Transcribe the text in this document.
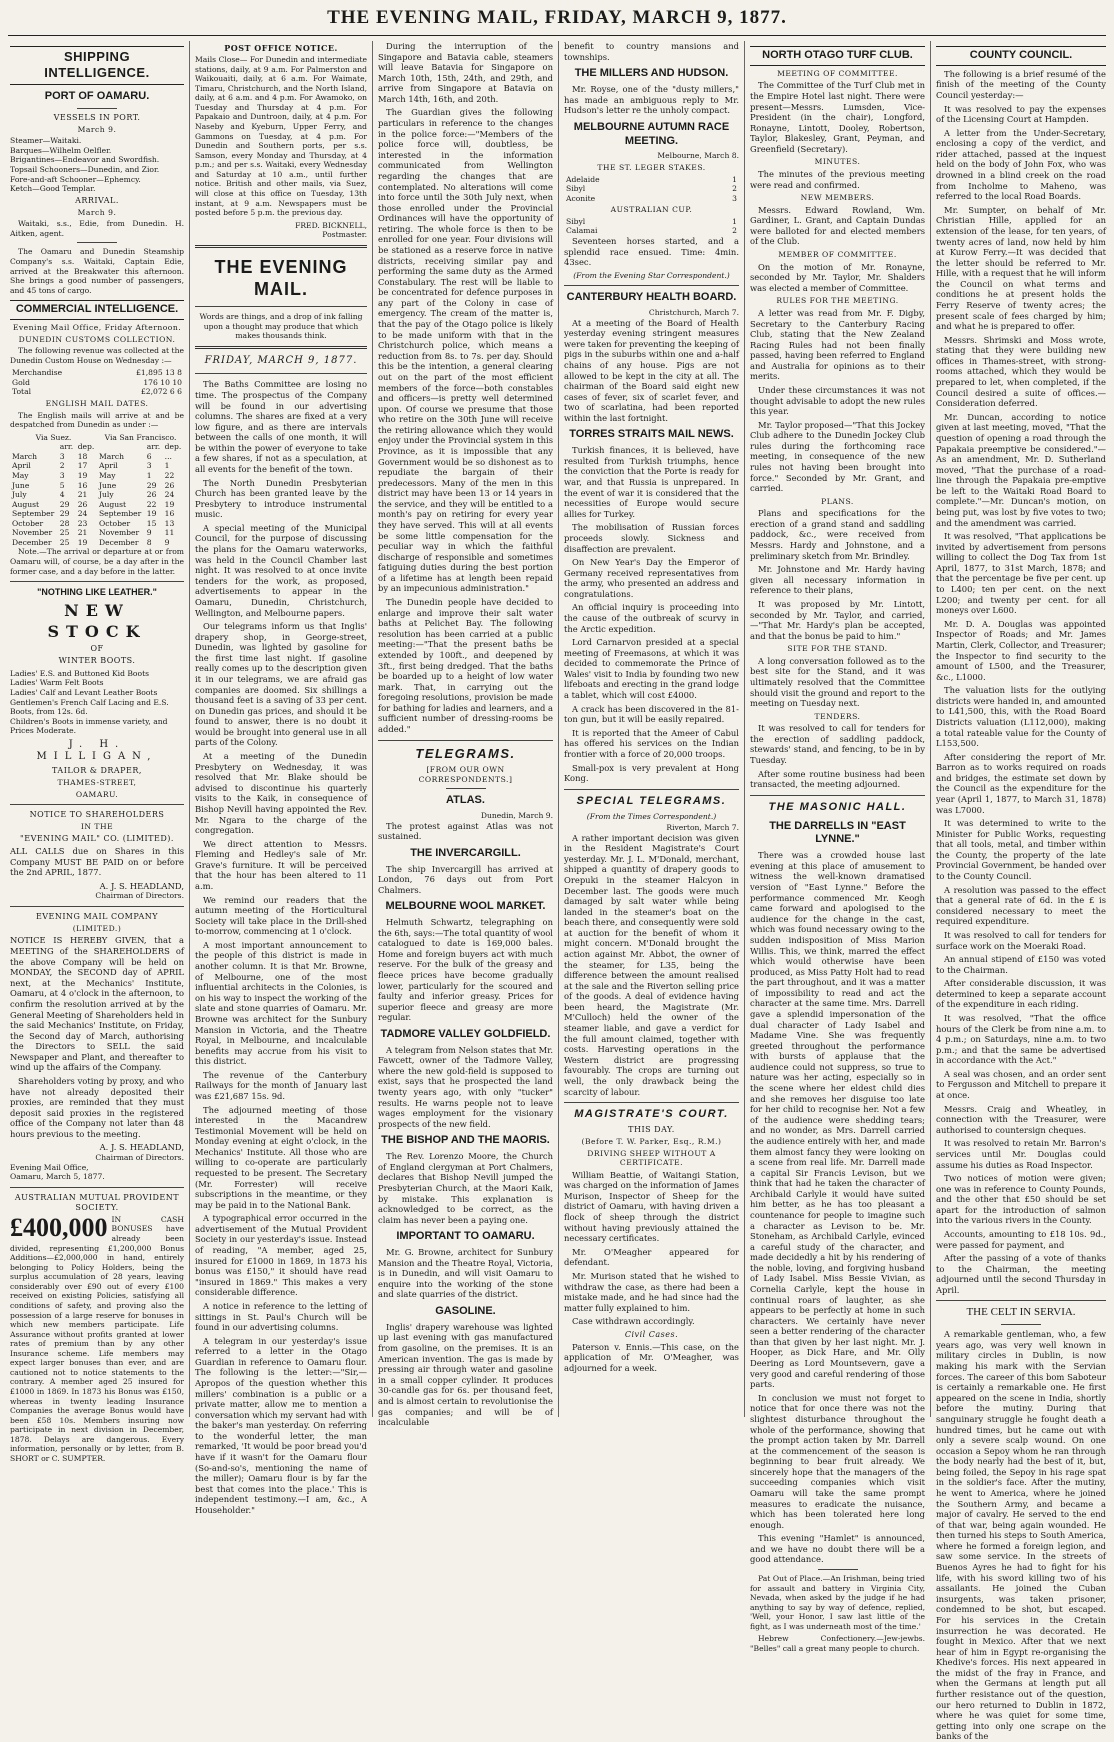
THE EVENING MAIL, FRIDAY, MARCH 9, 1877.
SHIPPING INTELLIGENCE.
PORT OF OAMARU.
VESSELS IN PORT.
March 9.
Steamer—Waitaki.
Barques—Wilhelm Oelfler.
Brigantines—Endeavor and Swordfish.
Topsail Schooners—Dunedin, and Zior.
Fore-and-aft Schooner—Ephemcy.
Ketch—Good Templar.
ARRIVAL.
March 9.

Waitaki, s.s., Edie, from Dunedin. H. Aitken, agent.

The Oamaru and Dunedin Steamship Company's s.s. Waitaki, Captain Edie, arrived at the Breakwater this afternoon. She brings a good number of passengers, and 45 tons of cargo.

COMMERCIAL INTELLIGENCE.
Evening Mail Office, Friday Afternoon.
DUNEDIN CUSTOMS COLLECTION.

The following revenue was collected at the Dunedin Custom House on Wednesday :—

Merchandise	£1,895 13 8
Gold	176 10 10
Total	£2,072 6 6
ENGLISH MAIL DATES.

The English mails will arrive at and be despatched from Dunedin as under :—

Via Suez.			Via San Francisco.		
	arr.	dep.		arr.	dep.
March	3	18	March	6	...
April	2	17	April	3	1
May	3	19	May	1	22
June	5	16	June	29	26
July	4	21	July	26	24
August	29	26	August	22	19
September	29	24	September	19	16
October	28	23	October	15	13
November	25	21	November	9	11
December	25	19	December	8	9

Note.—The arrival or departure at or from Oamaru will, of course, be a day after in the former case, and a day before in the latter.

"NOTHING LIKE LEATHER."
NEW STOCK
OF
WINTER BOOTS.
Ladies' E.S. and Buttoned Kid Boots
Ladies' Warm Felt Boots
Ladies' Calf and Levant Leather Boots
Gentlemen's French Calf Lacing and E.S. Boots, from 12s. 6d.
Children's Boots in immense variety, and Prices Moderate.
J. H. MILLIGAN,
TAILOR & DRAPER,
THAMES-STREET,
OAMARU.
NOTICE TO SHAREHOLDERS
IN THE
"EVENING MAIL" CO. (LIMITED).

ALL CALLS due on Shares in this Company MUST BE PAID on or before the 2nd APRIL, 1877.

A. J. S. HEADLAND,
Chairman of Directors.
EVENING MAIL COMPANY
(LIMITED.)

NOTICE IS HEREBY GIVEN, that a MEETING of the SHAREHOLDERS of the above Company will be held on MONDAY, the SECOND day of APRIL next, at the Mechanics' Institute, Oamaru, at 4 o'clock in the afternoon, to confirm the resolution arrived at by the General Meeting of Shareholders held in the said Mechanics' Institute, on Friday, the Second day of March, authorising the Directors to SELL the said Newspaper and Plant, and thereafter to wind up the affairs of the Company.

Shareholders voting by proxy, and who have not already deposited their proxies, are reminded that they must deposit said proxies in the registered office of the Company not later than 48 hours previous to the meeting.

A. J. S. HEADLAND,
Chairman of Directors.
Evening Mail Office,
Oamaru, March 5, 1877.
AUSTRALIAN MUTUAL PROVIDENT SOCIETY.
£400,000 IN CASH BONUSES have already been divided, representing £1,200,000 Bonus Additions—£2,000,000 in hand, entirely belonging to Policy Holders, being the surplus accumulation of 28 years, leaving considerably over £90 out of every £100 received on existing Policies, satisfying all conditions of safety, and proving also the possession of a large reserve for bonuses in which new members participate. Life Assurance without profits granted at lower rates of premium than by any other Insurance scheme. Life members may expect larger bonuses than ever, and are cautioned not to notice statements to the contrary. A member aged 25 insured for £1000 in 1869. In 1873 his Bonus was £150, whereas in twenty leading Insurance Companies the average Bonus would have been £58 10s. Members insuring now participate in next division in December, 1878. Delays are dangerous. Every information, personally or by letter, from B. SHORT or C. SUMPTER.

POST OFFICE NOTICE.

Mails Close— For Dunedin and intermediate stations, daily, at 9 a.m. For Palmerston and Waikouaiti, daily, at 6 a.m. For Waimate, Timaru, Christchurch, and the North Island, daily, at 6 a.m. and 4 p.m. For Awamoko, on Tuesday and Thursday at 4 p.m. For Papakaio and Duntroon, daily, at 4 p.m. For Naseby and Kyeburn, Upper Ferry, and Gammons on Tuesday, at 4 p.m. For Dunedin and Southern ports, per s.s. Samson, every Monday and Thursday, at 4 p.m.; and per s.s. Waitaki, every Wednesday and Saturday at 10 a.m., until further notice. British and other mails, via Suez, will close at this office on Tuesday, 13th instant, at 9 a.m. Newspapers must be posted before 5 p.m. the previous day.

FRED. BICKNELL,
Postmaster.
THE EVENING MAIL.
Words are things, and a drop of ink falling upon a thought may produce that which makes thousands think.
FRIDAY, MARCH 9, 1877.

The Baths Committee are losing no time. The prospectus of the Company will be found in our advertising columns. The shares are fixed at a very low figure, and as there are intervals between the calls of one month, it will be within the power of everyone to take a few shares, if not as a speculation, at all events for the benefit of the town.

The North Dunedin Presbyterian Church has been granted leave by the Presbytery to introduce instrumental music.

A special meeting of the Municipal Council, for the purpose of discussing the plans for the Oamaru waterworks, was held in the Council Chamber last night. It was resolved to at once invite tenders for the work, as proposed, advertisements to appear in the Oamaru, Dunedin, Christchurch, Wellington, and Melbourne papers.

Our telegrams inform us that Inglis' drapery shop, in George-street, Dunedin, was lighted by gasoline for the first time last night. If gasoline really comes up to the description given it in our telegrams, we are afraid gas companies are doomed. Six shillings a thousand feet is a saving of 33 per cent. on Dunedin gas prices, and should it be found to answer, there is no doubt it would be brought into general use in all parts of the Colony.

At a meeting of the Dunedin Presbytery on Wednesday, it was resolved that Mr. Blake should be advised to discontinue his quarterly visits to the Kaik, in consequence of Bishop Nevill having appointed the Rev. Mr. Ngara to the charge of the congregation.

We direct attention to Messrs. Fleming and Hedley's sale of Mr. Grave's furniture. It will be perceived that the hour has been altered to 11 a.m.

We remind our readers that the autumn meeting of the Horticultural Society will take place in the Drill-shed to-morrow, commencing at 1 o'clock.

A most important announcement to the people of this district is made in another column. It is that Mr. Browne, of Melbourne, one of the most influential architects in the Colonies, is on his way to inspect the working of the slate and stone quarries of Oamaru. Mr. Browne was architect for the Sunbury Mansion in Victoria, and the Theatre Royal, in Melbourne, and incalculable benefits may accrue from his visit to this district.

The revenue of the Canterbury Railways for the month of January last was £21,687 15s. 9d.

The adjourned meeting of those interested in the Macandrew Testimonial Movement will be held on Monday evening at eight o'clock, in the Mechanics' Institute. All those who are willing to co-operate are particularly requested to be present. The Secretary (Mr. Forrester) will receive subscriptions in the meantime, or they may be paid in to the National Bank.

A typographical error occurred in the advertisement of the Mutual Provident Society in our yesterday's issue. Instead of reading, "A member, aged 25, insured for £1000 in 1869, in 1873 his bonus was £150," it should have read "insured in 1869." This makes a very considerable difference.

A notice in reference to the letting of sittings in St. Paul's Church will be found in our advertising columns.

A telegram in our yesterday's issue referred to a letter in the Otago Guardian in reference to Oamaru flour. The following is the letter:—"Sir,—Apropos of the question whether this millers' combination is a public or a private matter, allow me to mention a conversation which my servant had with the baker's man yesterday. On referring to the wonderful letter, the man remarked, 'It would be poor bread you'd have if it wasn't for the Oamaru flour (So-and-so's, mentioning the name of the miller); Oamaru flour is by far the best that comes into the place.' This is independent testimony.—I am, &c., A Householder."

During the interruption of the Singapore and Batavia cable, steamers will leave Batavia for Singapore on March 10th, 15th, 24th, and 29th, and arrive from Singapore at Batavia on March 14th, 16th, and 20th.

The Guardian gives the following particulars in reference to the changes in the police force:—"Members of the police force will, doubtless, be interested in the information communicated from Wellington regarding the changes that are contemplated. No alterations will come into force until the 30th July next, when those enrolled under the Provincial Ordinances will have the opportunity of retiring. The whole force is then to be enrolled for one year. Four divisions will be stationed as a reserve force in native districts, receiving similar pay and performing the same duty as the Armed Constabulary. The rest will be liable to be concentrated for defence purposes in any part of the Colony in case of emergency. The cream of the matter is, that the pay of the Otago police is likely to be made uniform with that in the Christchurch police, which means a reduction from 8s. to 7s. per day. Should this be the intention, a general clearing out on the part of the most efficient members of the force—both constables and officers—is pretty well determined upon. Of course we presume that those who retire on the 30th June will receive the retiring allowance which they would enjoy under the Provincial system in this Province, as it is impossible that any Government would be so dishonest as to repudiate the bargain of their predecessors. Many of the men in this district may have been 13 or 14 years in the service, and they will be entitled to a month's pay on retiring for every year they have served. This will at all events be some little compensation for the peculiar way in which the faithful discharge of responsible and sometimes fatiguing duties during the best portion of a lifetime has at length been repaid by an impecunious administration."

The Dunedin people have decided to enlarge and improve their salt water baths at Pelichet Bay. The following resolution has been carried at a public meeting:—"That the present baths be extended by 100ft., and deepened by 3ft., first being dredged. That the baths be boarded up to a height of low water mark. That, in carrying out the foregoing resolutions, provision be made for bathing for ladies and learners, and a sufficient number of dressing-rooms be added."

TELEGRAMS.
[FROM OUR OWN CORRESPONDENTS.]
ATLAS.
Dunedin, March 9.

The protest against Atlas was not sustained.

THE INVERCARGILL.

The ship Invercargill has arrived at London, 76 days out from Port Chalmers.

MELBOURNE WOOL MARKET.

Helmuth Schwartz, telegraphing on the 6th, says:—The total quantity of wool catalogued to date is 169,000 bales. Home and foreign buyers act with much reserve. For the bulk of the greasy and fleece prices have become gradually lower, particularly for the scoured and faulty and inferior greasy. Prices for superior fleece and greasy are more regular.

TADMORE VALLEY GOLDFIELD.

A telegram from Nelson states that Mr. Fawcett, owner of the Tadmore Valley, where the new gold-field is supposed to exist, says that he prospected the land twenty years ago, with only "tucker" results. He warns people not to leave wages employment for the visionary prospects of the new field.

THE BISHOP AND THE MAORIS.

The Rev. Lorenzo Moore, the Church of England clergyman at Port Chalmers, declares that Bishop Nevill jumped the Presbyterian Church, at the Maori Kaik, by mistake. This explanation is acknowledged to be correct, as the claim has never been a paying one.

IMPORTANT TO OAMARU.

Mr. G. Browne, architect for Sunbury Mansion and the Theatre Royal, Victoria, is in Dunedin, and will visit Oamaru to enquire into the working of the stone and slate quarries of the district.

GASOLINE.

Inglis' drapery warehouse was lighted up last evening with gas manufactured from gasoline, on the premises. It is an American invention. The gas is made by pressing air through water and gasoline in a small copper cylinder. It produces 30-candle gas for 6s. per thousand feet, and is almost certain to revolutionise the gas companies; and will be of incalculable

benefit to country mansions and townships.

THE MILLERS AND HUDSON.

Mr. Royse, one of the "dusty millers," has made an ambiguous reply to Mr. Hudson's letter re the unholy compact.

MELBOURNE AUTUMN RACE MEETING.
Melbourne, March 8.
THE ST. LEGER STAKES.
Adelaide	1
Sibyl	2
Aconite	3
AUSTRALIAN CUP.
Sibyl	1
Calamai	2

Seventeen horses started, and a splendid race ensued. Time: 4min. 43sec.

(From the Evening Star Correspondent.)
CANTERBURY HEALTH BOARD.
Christchurch, March 7.

At a meeting of the Board of Health yesterday evening stringent measures were taken for preventing the keeping of pigs in the suburbs within one and a-half chains of any house. Pigs are not allowed to be kept in the city at all. The chairman of the Board said eight new cases of fever, six of scarlet fever, and two of scarlatina, had been reported within the last fortnight.

TORRES STRAITS MAIL NEWS.

Turkish finances, it is believed, have resulted from Turkish triumphs, hence the conviction that the Porte is ready for war, and that Russia is unprepared. In the event of war it is considered that the necessities of Europe would secure allies for Turkey.

The mobilisation of Russian forces proceeds slowly. Sickness and disaffection are prevalent.

On New Year's Day the Emperor of Germany received representatives from the army, who presented an address and congratulations.

An official inquiry is proceeding into the cause of the outbreak of scurvy in the Arctic expedition.

Lord Carnarvon presided at a special meeting of Freemasons, at which it was decided to commemorate the Prince of Wales' visit to India by founding two new lifeboats and erecting in the grand lodge a tablet, which will cost £4000.

A crack has been discovered in the 81-ton gun, but it will be easily repaired.

It is reported that the Ameer of Cabul has offered his services on the Indian frontier with a force of 20,000 troops.

Small-pox is very prevalent at Hong Kong.

SPECIAL TELEGRAMS.
(From the Times Correspondent.)
Riverton, March 7.

A rather important decision was given in the Resident Magistrate's Court yesterday. Mr. J. L. M'Donald, merchant, shipped a quantity of drapery goods to Orepuki in the steamer Halcyon in December last. The goods were much damaged by salt water while being landed in the steamer's boat on the beach there, and consequently were sold at auction for the benefit of whom it might concern. M'Donald brought the action against Mr. Abbot, the owner of the steamer, for L35, being the difference between the amount realised at the sale and the Riverton selling price of the goods. A deal of evidence having been heard, the Magistrate (Mr. M'Culloch) held the owner of the steamer liable, and gave a verdict for the full amount claimed, together with costs. Harvesting operations in the Western district are progressing favourably. The crops are turning out well, the only drawback being the scarcity of labour.

MAGISTRATE'S COURT.
THIS DAY.
(Before T. W. Parker, Esq., R.M.)
DRIVING SHEEP WITHOUT A CERTIFICATE.

William Beattie, of Waitangi Station, was charged on the information of James Murison, Inspector of Sheep for the district of Oamaru, with having driven a flock of sheep through the district without having previously attained the necessary certificates.

Mr. O'Meagher appeared for defendant.

Mr. Murison stated that he wished to withdraw the case, as there had been a mistake made, and he had since had the matter fully explained to him.

Case withdrawn accordingly.

Civil Cases.

Paterson v. Ennis.—This case, on the application of Mr. O'Meagher, was adjourned for a week.

NORTH OTAGO TURF CLUB.
MEETING OF COMMITTEE.

The Committee of the Turf Club met in the Empire Hotel last night. There were present—Messrs. Lumsden, Vice-President (in the chair), Longford, Ronayne, Lintott, Dooley, Robertson, Taylor, Blakesley, Grant, Peyman, and Greenfield (Secretary).

MINUTES.

The minutes of the previous meeting were read and confirmed.

NEW MEMBERS.

Messrs. Edward Rowland, Wm. Gardiner, L. Grant, and Captain Dundas were balloted for and elected members of the Club.

MEMBER OF COMMITTEE.

On the motion of Mr. Ronayne, seconded by Mr. Taylor, Mr. Shalders was elected a member of Committee.

RULES FOR THE MEETING.

A letter was read from Mr. F. Digby, Secretary to the Canterbury Racing Club, stating that the New Zealand Racing Rules had not been finally passed, having been referred to England and Australia for opinions as to their merits.

Under these circumstances it was not thought advisable to adopt the new rules this year.

Mr. Taylor proposed—"That this Jockey Club adhere to the Dunedin Jockey Club rules during the forthcoming race meeting, in consequence of the new rules not having been brought into force." Seconded by Mr. Grant, and carried.

PLANS.

Plans and specifications for the erection of a grand stand and saddling paddock, &c., were received from Messrs. Hardy and Johnstone, and a preliminary sketch from Mr. Brindley.

Mr. Johnstone and Mr. Hardy having given all necessary information in reference to their plans,

It was proposed by Mr. Lintott, seconded by Mr. Taylor, and carried,—"That Mr. Hardy's plan be accepted, and that the bonus be paid to him."

SITE FOR THE STAND.

A long conversation followed as to the best site for the Stand, and it was ultimately resolved that the Committee should visit the ground and report to the meeting on Tuesday next.

TENDERS.

It was resolved to call for tenders for the erection of saddling paddock, stewards' stand, and fencing, to be in by Tuesday.

After some routine business had been transacted, the meeting adjourned.

THE MASONIC HALL.
THE DARRELLS IN "EAST LYNNE."

There was a crowded house last evening at this place of amusement to witness the well-known dramatised version of "East Lynne." Before the performance commenced Mr. Keogh came forward and apologised to the audience for the change in the cast, which was found necessary owing to the sudden indisposition of Miss Marion Willis. This, we think, marred the effect which would otherwise have been produced, as Miss Patty Holt had to read the part throughout, and it was a matter of impossibility to read and act the character at the same time. Mrs. Darrell gave a splendid impersonation of the dual character of Lady Isabel and Madame Vine. She was frequently greeted throughout the performance with bursts of applause that the audience could not suppress, so true to nature was her acting, especially so in the scene where her eldest child dies and she removes her disguise too late for her child to recognise her. Not a few of the audience were shedding tears; and no wonder, as Mrs. Darrell carried the audience entirely with her, and made them almost fancy they were looking on a scene from real life. Mr. Darrell made a capital Sir Francis Levison, but we think that had he taken the character of Archibald Carlyle it would have suited him better, as he has too pleasant a countenance for people to imagine such a character as Levison to be. Mr. Stoneham, as Archibald Carlyle, evinced a careful study of the character, and made decidedly a hit by his rendering of the noble, loving, and forgiving husband of Lady Isabel. Miss Bessie Vivian, as Cornelia Carlyle, kept the house in continual roars of laughter, as she appears to be perfectly at home in such characters. We certainly have never seen a better rendering of the character than that given by her last night. Mr. J. Hooper, as Dick Hare, and Mr. Olly Deering as Lord Mountsevern, gave a very good and careful rendering of those parts.

In conclusion we must not forget to notice that for once there was not the slightest disturbance throughout the whole of the performance, showing that the prompt action taken by Mr. Darrell at the commencement of the season is beginning to bear fruit already. We sincerely hope that the managers of the succeeding companies which visit Oamaru will take the same prompt measures to eradicate the nuisance, which has been tolerated here long enough.

This evening "Hamlet" is announced, and we have no doubt there will be a good attendance.

Pat Out of Place.—An Irishman, being tried for assault and battery in Virginia City, Nevada, when asked by the judge if he had anything to say by way of defence, replied, 'Well, your Honor, I saw last little of the fight, as I was underneath most of the time.'

Hebrew Confectionery.—Jew-jewbs. "Belles" call a great many people to church.

COUNTY COUNCIL.

The following is a brief resumé of the finish of the meeting of the County Council yesterday:—

It was resolved to pay the expenses of the Licensing Court at Hampden.

A letter from the Under-Secretary, enclosing a copy of the verdict, and rider attached, passed at the inquest held on the body of John Fox, who was drowned in a blind creek on the road from Incholme to Maheno, was referred to the local Road Boards.

Mr. Sumpter, on behalf of Mr. Christian Hille, applied for an extension of the lease, for ten years, of twenty acres of land, now held by him at Kurow Ferry.—It was decided that the letter should be referred to Mr. Hille, with a request that he will inform the Council on what terms and conditions he at present holds the Ferry Reserve of twenty acres; the present scale of fees charged by him; and what he is prepared to offer.

Messrs. Shrimski and Moss wrote, stating that they were building new offices in Thames-street, with strong-rooms attached, which they would be prepared to let, when completed, if the Council desired a suite of offices.—Consideration deferred.

Mr. Duncan, according to notice given at last meeting, moved, "That the question of opening a road through the Papakaia preemptive be considered."—As an amendment, Mr. D. Sutherland moved, "That the purchase of a road-line through the Papakaia pre-emptive be left to the Waitaki Road Board to complete."—Mr. Duncan's motion, on being put, was lost by five votes to two; and the amendment was carried.

It was resolved, "That applications be invited by advertisement from persons willing to collect the Dog Tax from 1st April, 1877, to 31st March, 1878; and that the percentage be five per cent. up to L400; ten per cent. on the next L200; and twenty per cent. for all moneys over L600.

Mr. D. A. Douglas was appointed Inspector of Roads; and Mr. James Martin, Clerk, Collector, and Treasurer; the Inspector to find security to the amount of L500, and the Treasurer, &c., L1000.

The valuation lists for the outlying districts were handed in, and amounted to L41,500, this, with the Road Board Districts valuation (L112,000), making a total rateable value for the County of L153,500.

After considering the report of Mr. Barron as to works required on roads and bridges, the estimate set down by the Council as the expenditure for the year (April 1, 1877, to March 31, 1878) was L7000.

It was determined to write to the Minister for Public Works, requesting that all tools, metal, and timber within the County, the property of the late Provincial Government, be handed over to the County Council.

A resolution was passed to the effect that a general rate of 6d. in the £ is considered necessary to meet the required expenditure.

It was resolved to call for tenders for surface work on the Moeraki Road.

An annual stipend of £150 was voted to the Chairman.

After considerable discussion, it was determined to keep a separate account of the expenditure in each riding.

It was resolved, "That the office hours of the Clerk be from nine a.m. to 4 p.m.; on Saturdays, nine a.m. to two p.m.; and that the same be advertised in accordance with the Act."

A seal was chosen, and an order sent to Fergusson and Mitchell to prepare it at once.

Messrs. Craig and Wheatley, in connection with the Treasurer, were authorised to countersign cheques.

It was resolved to retain Mr. Barron's services until Mr. Douglas could assume his duties as Road Inspector.

Two notices of motion were given; one was in reference to County Pounds, and the other that £50 should be set apart for the introduction of salmon into the various rivers in the County.

Accounts, amounting to £18 10s. 9d., were passed for payment, and

After the passing of a vote of thanks to the Chairman, the meeting adjourned until the second Thursday in April.

THE CELT IN SERVIA.

A remarkable gentleman, who, a few years ago, was very well known in military circles in Dublin, is now making his mark with the Servian forces. The career of this bom Saboteur is certainly a remarkable one. He first appeared on the scene in India, shortly before the mutiny. During that sanguinary struggle he fought death a hundred times, but he came out with only a severe scalp wound. On one occasion a Sepoy whom he ran through the body nearly had the best of it, but, being foiled, the Sepoy in his rage spat in the soldier's face. After the mutiny, he went to America, where he joined the Southern Army, and became a major of cavalry. He served to the end of that war, being again wounded. He then turned his steps to South America, where he formed a foreign legion, and saw some service. In the streets of Buenos Ayres he had to fight for his life, with his sword killing two of his assailants. He joined the Cuban insurgents, was taken prisoner, condemned to be shot, but escaped. For his services in the Cretain insurrection he was decorated. He fought in Mexico. After that we next hear of him in Egypt re-organising the Khedive's forces. His next appeared in the midst of the fray in France, and when the Germans at length put all further resistance out of the question, our hero returned to Dublin in 1872, where he was quiet for some time, getting into only one scrape on the banks of the
